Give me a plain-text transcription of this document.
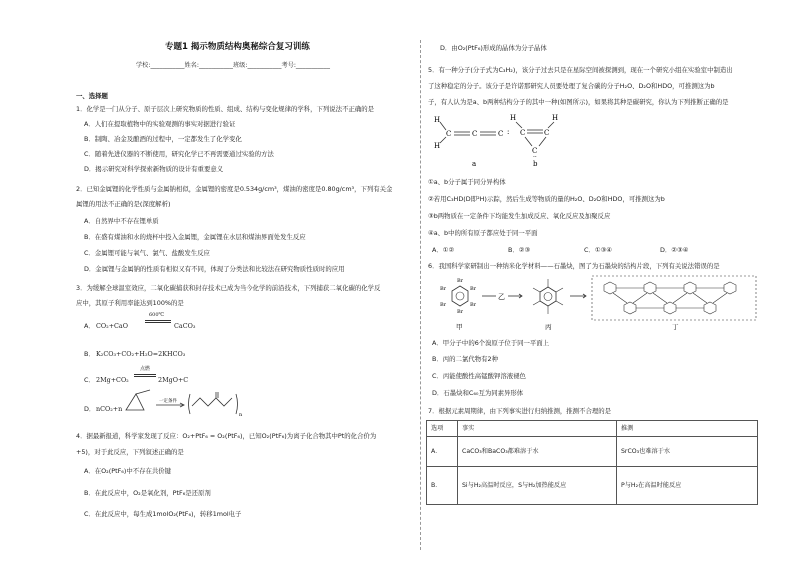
专题1 揭示物质结构奥秘综合复习训练
学校:___________姓名:___________班级:___________考号:___________
一、选择题
1．化学是一门从分子、原子层次上研究物质的性质、组成、结构与变化规律的学科，下列说法不正确的是
A．人们在提取植物中的实验观测的事实对据进行验证
B．制陶、冶金及酿酒的过程中，一定都发生了化学变化
C．随着先进仪器的不断使用，研究化学已不再需要通过实验的方法
D．揭示研究对科学探索新物质的设计有重要意义
2．已知金属锂的化学性质与金属钠相似，金属锂的密度是0.534g/cm³，煤油的密度是0.80g/cm³，下列有关金
属锂的用法不正确的是(深度解析)
A．自然界中不存在锂单质
B．在盛有煤油和水的烧杯中投入金属锂，金属锂在水层和煤油界面处发生反应
C．金属锂可能与氧气、氯气、盐酸发生反应
D．金属锂与金属钠的性质有相似又有不同，体现了分类法和比较法在研究物质性质时的应用
3．为缓解全球温室效应，二氧化碳捕获和封存技术已成为当今化学的前沿技术，下列捕获二氧化碳的化学反
应中，其原子利用率能达到100%的是
A． CO₂+CaO
600℃
CaCO₃
B． K₂CO₃+CO₂+H₂O=2KHCO₃
C． 2Mg+CO₂
点燃
2MgO+C
D． nCO₂+n
一定条件
n
4．据最新报道，科学家发现了反应：O₂+PtF₆ = O₂(PtF₆)，已知O₂(PtF₆)为离子化合物其中Pt的化合价为
+5)，对于此反应，下列叙述正确的是
A．在O₂(PtF₆)中不存在共价键
B．在此反应中，O₂是氧化剂，PtF₆是还原剂
C．在此反应中，每生成1molO₂(PtF₆)，转移1mol电子
D．由O₂(PtF₆)形成的晶体为分子晶体
5．有一种分子(分子式为C₃H₂)，该分子过去只是在星际空间被探测到，现在一个研究小组在实验室中制造出
了这种稳定的分子。该分子是许诺那研究人员要处理了复合碳的分子H₂O、D₂O和HDO，可推测这为b
子，有人认为是a、b两种结构分子的其中一种(如图所示)，如果将其种是碳研究，你认为下列推断正确的是
H
H
C	C	C :
a
H	H
C	C
C
··
b
①a、b分子属于同分异构体
②若用C₃HD(D即²H)示踪，然后生成等物质的量的H₂O、D₂O和HDO，可推测这为b
③b两物质在一定条件下均能发生加成反应、氧化反应及加聚反应
④a、b中的所有原子都应处于同一平面
A．①②	B．②③	C．①③④	D．②③④
6．我国科学家研制出一种纳米化学材料——石墨炔，图了为石墨炔的结构片段，下列有关说法错误的是
Br
Br
Br
Br
Br
Br
甲
乙
丙	丁
A．甲分子中的6个溴原子位于同一平面上
B．丙的二氯代物有2种
C．丙能使酸性高锰酸钾溶液褪色
D．石墨炔和C₆₀互为同素异形体
7．根据元素周期律，由下列事实进行归纳推测，推测不合理的是
选项	事实	推测
A．	CaCO₃和BaCO₃都难溶于水	SrCO₃也难溶于水
B．	Si与H₂高温时反应，S与H₂加热能反应	P与H₂在高温时能反应
